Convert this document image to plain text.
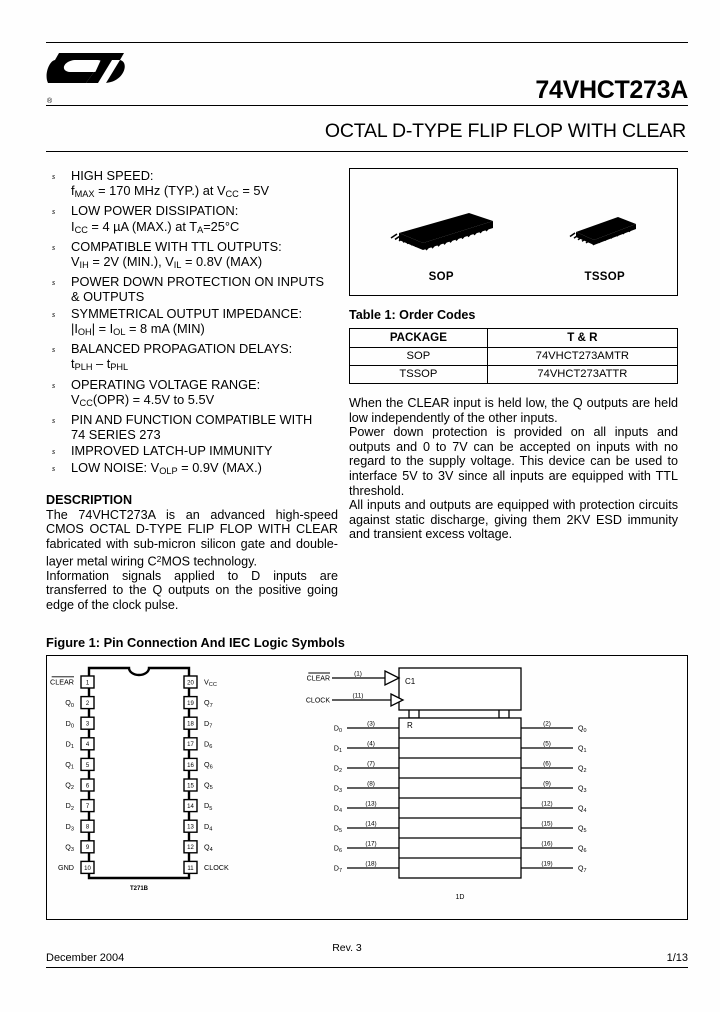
®	74VHCT273A
OCTAL D-TYPE FLIP FLOP WITH CLEAR
s HIGH SPEED:
$f_{MAX} = 170$ MHz (TYP.) at $V_{CC} = 5V$
s LOW POWER DISSIPATION:
$I_{CC} = 4$ µA (MAX.) at $T_A=25^\circ C$
s COMPATIBLE WITH TTL OUTPUTS:
$V_{IH} = 2V$ (MIN.), $V_{IL} = 0.8V$ (MAX)
s POWER DOWN PROTECTION ON INPUTS
& OUTPUTS
s SYMMETRICAL OUTPUT IMPEDANCE:
$|I_{OH}| = I_{OL} = 8$ mA (MIN)
s BALANCED PROPAGATION DELAYS:
$t_{PLH} - t_{PHL}$
s OPERATING VOLTAGE RANGE:
$V_{CC}(OPR) = 4.5V$ to 5.5V
s PIN AND FUNCTION COMPATIBLE WITH
74 SERIES 273
s IMPROVED LATCH-UP IMMUNITY
s LOW NOISE: $V_{OLP} = 0.9V$ (MAX.)
DESCRIPTION

The 74VHCT273A is an advanced high-speed CMOS OCTAL D-TYPE FLIP FLOP WITH CLEAR fabricated with sub-micron silicon gate and double-layer metal wiring $C^2MOS$ technology.

Information signals applied to D inputs are transferred to the Q outputs on the positive going edge of the clock pulse.

SOP	TSSOP
Table 1: Order Codes
PACKAGE	T & R
SOP	74VHCT273AMTR
TSSOP	74VHCT273ATTR

When the CLEAR input is held low, the Q outputs are held low independently of the other inputs.

Power down protection is provided on all inputs and outputs and 0 to 7V can be accepted on inputs with no regard to the supply voltage. This device can be used to interface 5V to 3V since all inputs are equipped with TTL threshold.

All inputs and outputs are equipped with protection circuits against static discharge, giving them 2KV ESD immunity and transient excess voltage.

Figure 1: Pin Connection And IEC Logic Symbols
1
CLEAR
2
$Q_0$
3
$D_0$
4
$D_1$
5
$Q_1$
6
$Q_2$
7
$D_2$
8
$D_3$
9
$Q_3$
10
GND
20 $V_{CC}$
19 $Q_7$
18 $D_7$
17 $D_6$
16 $Q_6$
15 $Q_5$
14 $D_5$
13 $D_4$
12 $Q_4$
11 CLOCK
T271B
CLEAR
(1)
CLOCK
(11)
$D_0$
(3)
$D_1$
(4)
$D_2$
(7)
$D_3$
(8)
$D_4$
(13)
$D_5$
(14)
$D_6$
(17)
$D_7$
(18)
$Q_0$
(2)
$Q_1$
(5)
$Q_2$
(6)
$Q_3$
(9)
$Q_4$
(12)
$Q_5$
(15)
$Q_6$
(16)
$Q_7$
(19)
1D
R
C1
Rev. 3
December 2004	1/13
